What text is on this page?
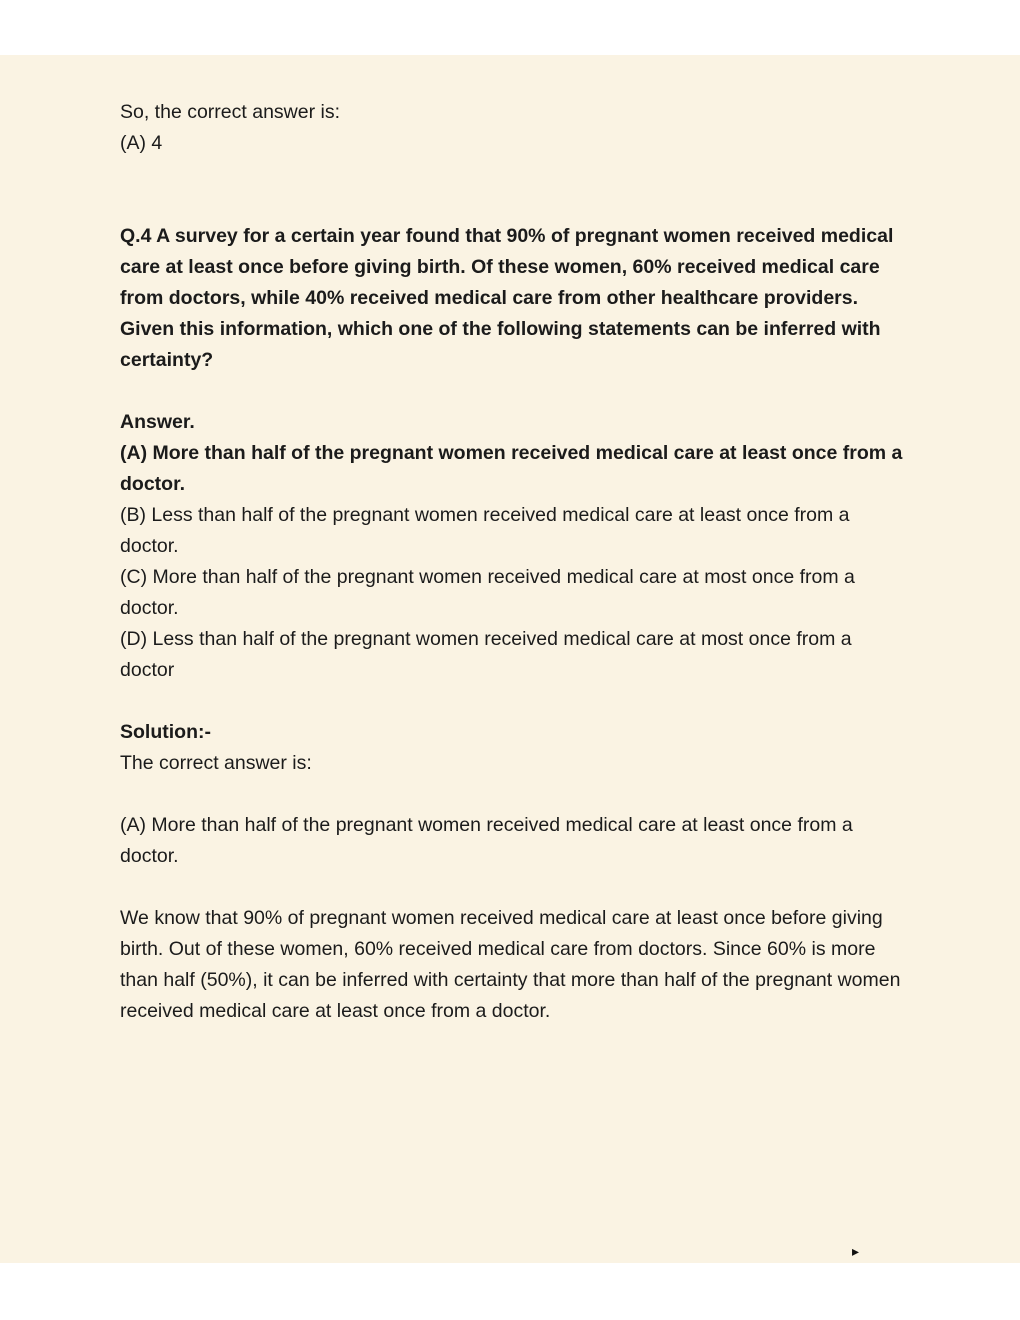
So, the correct answer is:

(A) 4

Q.4 A survey for a certain year found that 90% of pregnant women received medical care at least once before giving birth. Of these women, 60% received medical care from doctors, while 40% received medical care from other healthcare providers.

Given this information, which one of the following statements can be inferred with certainty?

Answer.

(A) More than half of the pregnant women received medical care at least once from a doctor.

(B) Less than half of the pregnant women received medical care at least once from a doctor.

(C) More than half of the pregnant women received medical care at most once from a doctor.

(D) Less than half of the pregnant women received medical care at most once from a doctor

Solution:-

The correct answer is:

(A) More than half of the pregnant women received medical care at least once from a doctor.

We know that 90% of pregnant women received medical care at least once before giving birth. Out of these women, 60% received medical care from doctors. Since 60% is more than half (50%), it can be inferred with certainty that more than half of the pregnant women received medical care at least once from a doctor.

▸
